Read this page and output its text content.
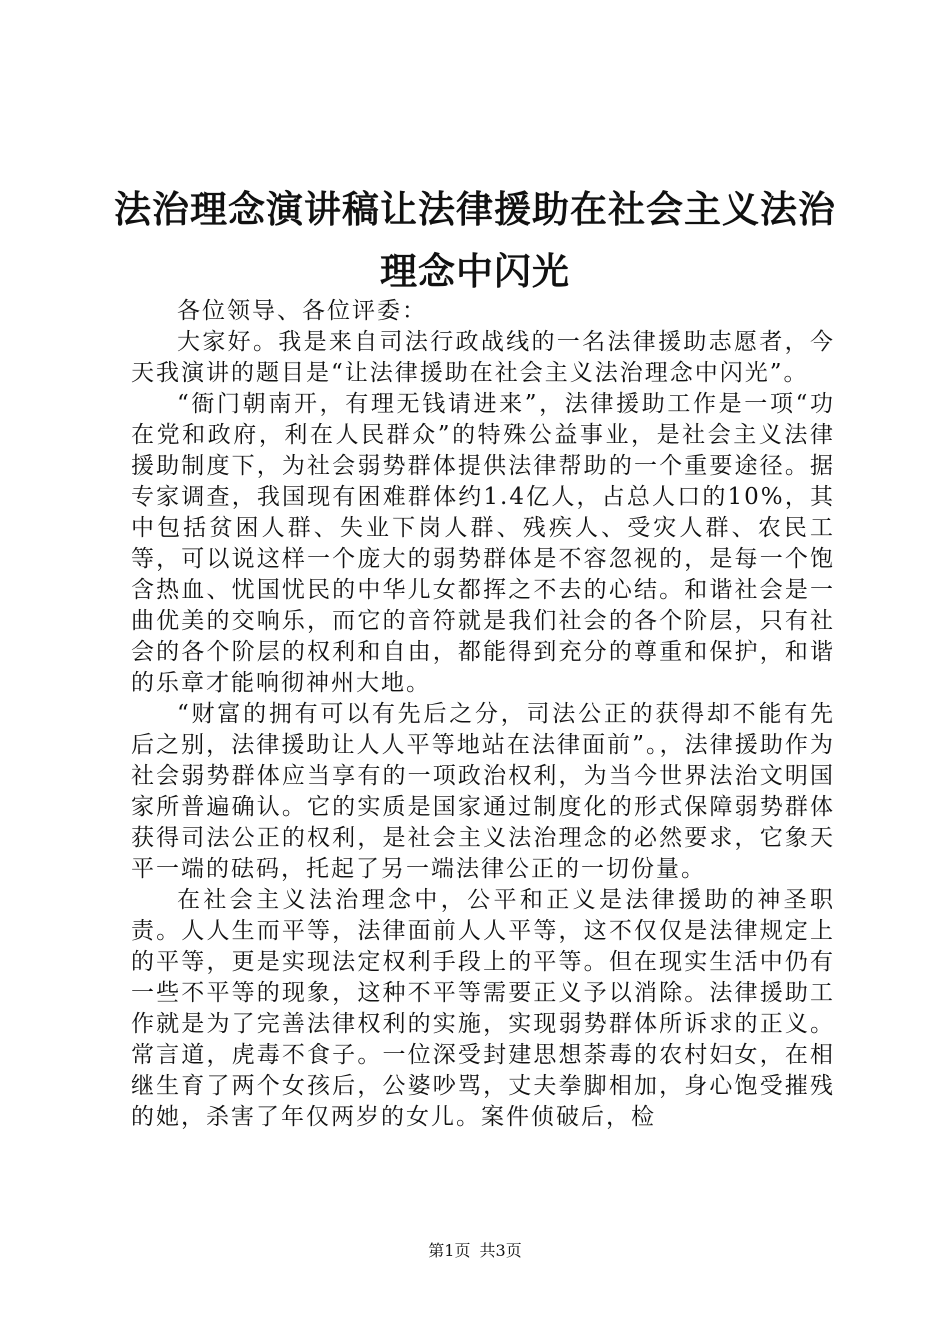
法治理念演讲稿让法律援助在社会主义法治理念中闪光

各位领导、各位评委：

大家好。我是来自司法行政战线的一名法律援助志愿者，今天我演讲的题目是“让法律援助在社会主义法治理念中闪光”。

“衙门朝南开，有理无钱请进来”，法律援助工作是一项“功在党和政府，利在人民群众”的特殊公益事业，是社会主义法律援助制度下，为社会弱势群体提供法律帮助的一个重要途径。据专家调查，我国现有困难群体约1.4亿人，占总人口的10%，其中包括贫困人群、失业下岗人群、残疾人、受灾人群、农民工等，可以说这样一个庞大的弱势群体是不容忽视的，是每一个饱含热血、忧国忧民的中华儿女都挥之不去的心结。和谐社会是一曲优美的交响乐，而它的音符就是我们社会的各个阶层，只有社会的各个阶层的权利和自由，都能得到充分的尊重和保护，和谐的乐章才能响彻神州大地。

“财富的拥有可以有先后之分，司法公正的获得却不能有先后之别，法律援助让人人平等地站在法律面前”。，法律援助作为社会弱势群体应当享有的一项政治权利，为当今世界法治文明国家所普遍确认。它的实质是国家通过制度化的形式保障弱势群体获得司法公正的权利，是社会主义法治理念的必然要求，它象天平一端的砝码，托起了另一端法律公正的一切份量。

在社会主义法治理念中，公平和正义是法律援助的神圣职责。人人生而平等，法律面前人人平等，这不仅仅是法律规定上的平等，更是实现法定权利手段上的平等。但在现实生活中仍有一些不平等的现象，这种不平等需要正义予以消除。法律援助工作就是为了完善法律权利的实施，实现弱势群体所诉求的正义。常言道，虎毒不食子。一位深受封建思想荼毒的农村妇女，在相继生育了两个女孩后，公婆吵骂，丈夫拳脚相加，身心饱受摧残的她，杀害了年仅两岁的女儿。案件侦破后，检

第1页 共3页
